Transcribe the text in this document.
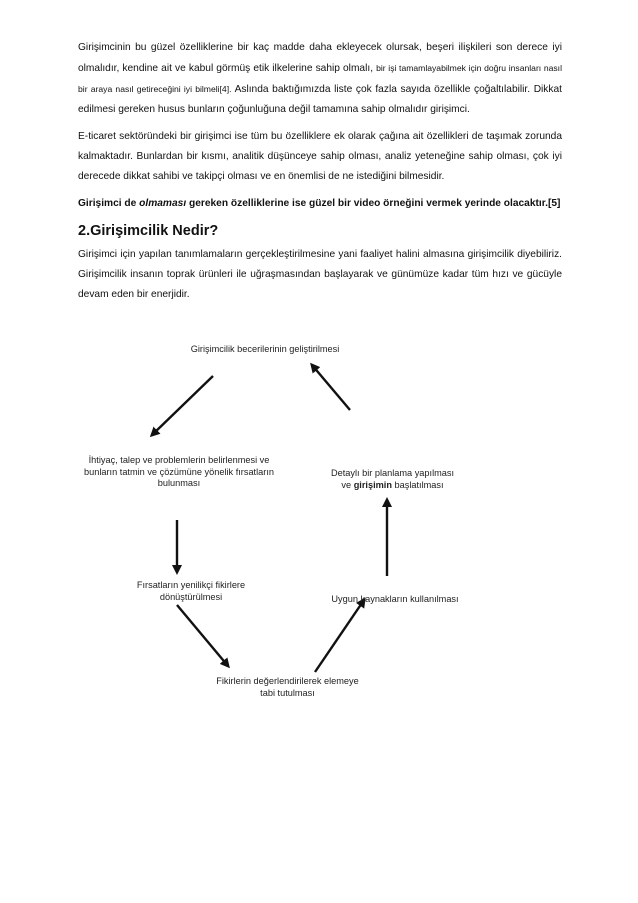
Girişimcinin bu güzel özelliklerine bir kaç madde daha ekleyecek olursak, beşeri ilişkileri son derece iyi olmalıdır, kendine ait ve kabul görmüş etik ilkelerine sahip olmalı, bir işi tamamlayabilmek için doğru insanları nasıl bir araya nasıl getireceğini iyi bilmeli[4]. Aslında baktığımızda liste çok fazla sayıda özellikle çoğaltılabilir. Dikkat edilmesi gereken husus bunların çoğunluğuna değil tamamına sahip olmalıdır girişimci.

E-ticaret sektöründeki bir girişimci ise tüm bu özelliklere ek olarak çağına ait özellikleri de taşımak zorunda kalmaktadır. Bunlardan bir kısmı, analitik düşünceye sahip olması, analiz yeteneğine sahip olması, çok iyi derecede dikkat sahibi ve takipçi olması ve en önemlisi de ne istediğini bilmesidir.

Girişimci de olmaması gereken özelliklerine ise güzel bir video örneğini vermek yerinde olacaktır.[5]

2.Girişimcilik Nedir?

Girişimci için yapılan tanımlamaların gerçekleştirilmesine yani faaliyet halini almasına girişimcilik diyebiliriz. Girişimcilik insanın toprak ürünleri ile uğraşmasından başlayarak ve günümüze kadar tüm hızı ve gücüyle devam eden bir enerjidir.

Girişimcilik becerilerinin geliştirilmesi
İhtiyaç, talep ve problemlerin belirlenmesi ve bunların tatmin ve çözümüne yönelik fırsatların bulunması
Fırsatların yenilikçi fikirlere dönüştürülmesi
Fikirlerin değerlendirilerek elemeye tabi tutulması
Uygun kaynakların kullanılması
Detaylı bir planlama yapılması
ve girişimin başlatılması
